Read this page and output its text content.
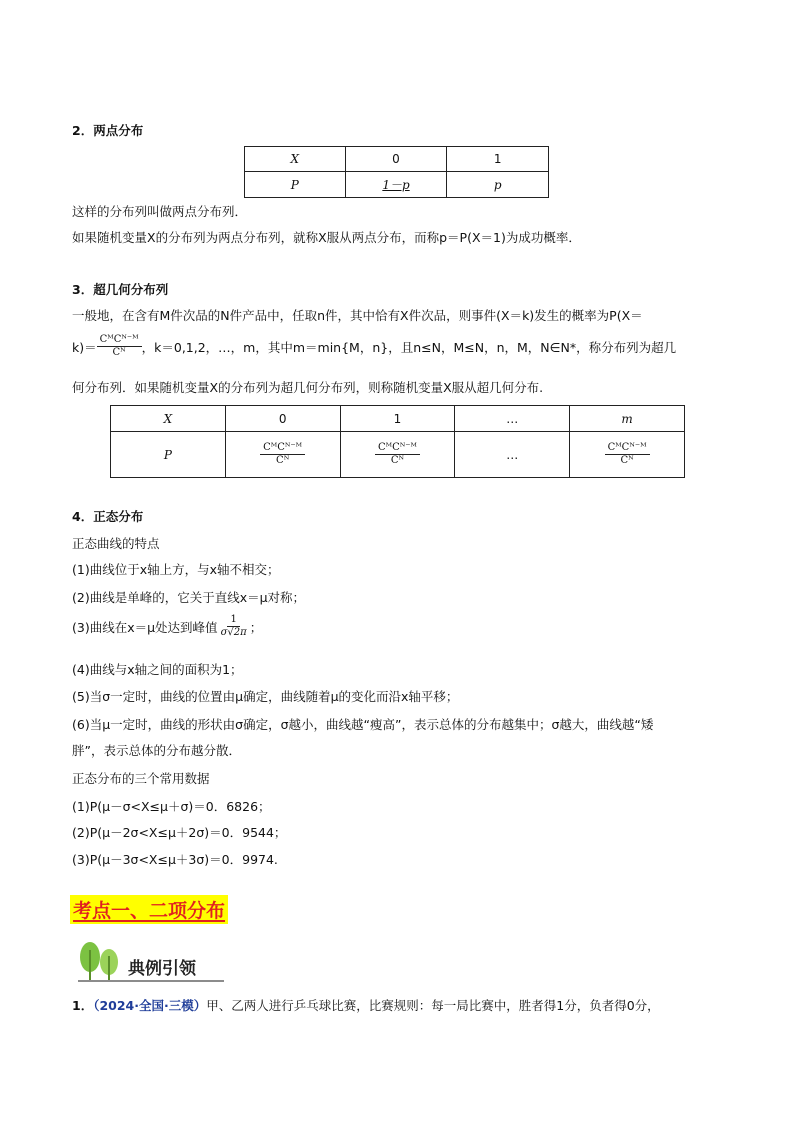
2．两点分布
X	0	1
P	1－p	p
这样的分布列叫做两点分布列．
如果随机变量X的分布列为两点分布列，就称X服从两点分布，而称p＝P(X＝1)为成功概率．
3．超几何分布列
一般地，在含有M件次品的N件产品中，任取n件，其中恰有X件次品，则事件(X＝k)发生的概率为P(X＝
$k)= \frac{\text{CᴹCᴺ⁻ᴹ}}{\text{Cᴺ}}$ ，k＝0,1,2，…，m，其中m＝min{M，n}，且n≤N，M≤N，n，M，N∈N*，称分布列为超几
何分布列．如果随机变量X的分布列为超几何分布列，则称随机变量X服从超几何分布.
X	0	1	…	m
P	$\frac{\text{CᴹCᴺ⁻ᴹ}}{\text{Cᴺ}}$	$\frac{\text{CᴹCᴺ⁻ᴹ}}{\text{Cᴺ}}$	…	$\frac{\text{CᴹCᴺ⁻ᴹ}}{\text{Cᴺ}}$
4．正态分布
正态曲线的特点
(1)曲线位于x轴上方，与x轴不相交；
(2)曲线是单峰的，它关于直线x＝μ对称；
(3)曲线在x＝μ处达到峰值 $\frac{1}{\sigma√2\pi}$ ；
(4)曲线与x轴之间的面积为1；
(5)当σ一定时，曲线的位置由μ确定，曲线随着μ的变化而沿x轴平移；
(6)当μ一定时，曲线的形状由σ确定，σ越小，曲线越“瘦高”，表示总体的分布越集中；σ越大，曲线越“矮
胖”，表示总体的分布越分散．
正态分布的三个常用数据
(1)P(μ－σ<X≤μ＋σ)＝0．6826；
(2)P(μ－2σ<X≤μ＋2σ)＝0．9544；
(3)P(μ－3σ<X≤μ＋3σ)＝0．9974.
考点一、二项分布
典例引领
1．（2024·全国·三模）甲、乙两人进行乒乓球比赛，比赛规则：每一局比赛中，胜者得1分，负者得0分，
